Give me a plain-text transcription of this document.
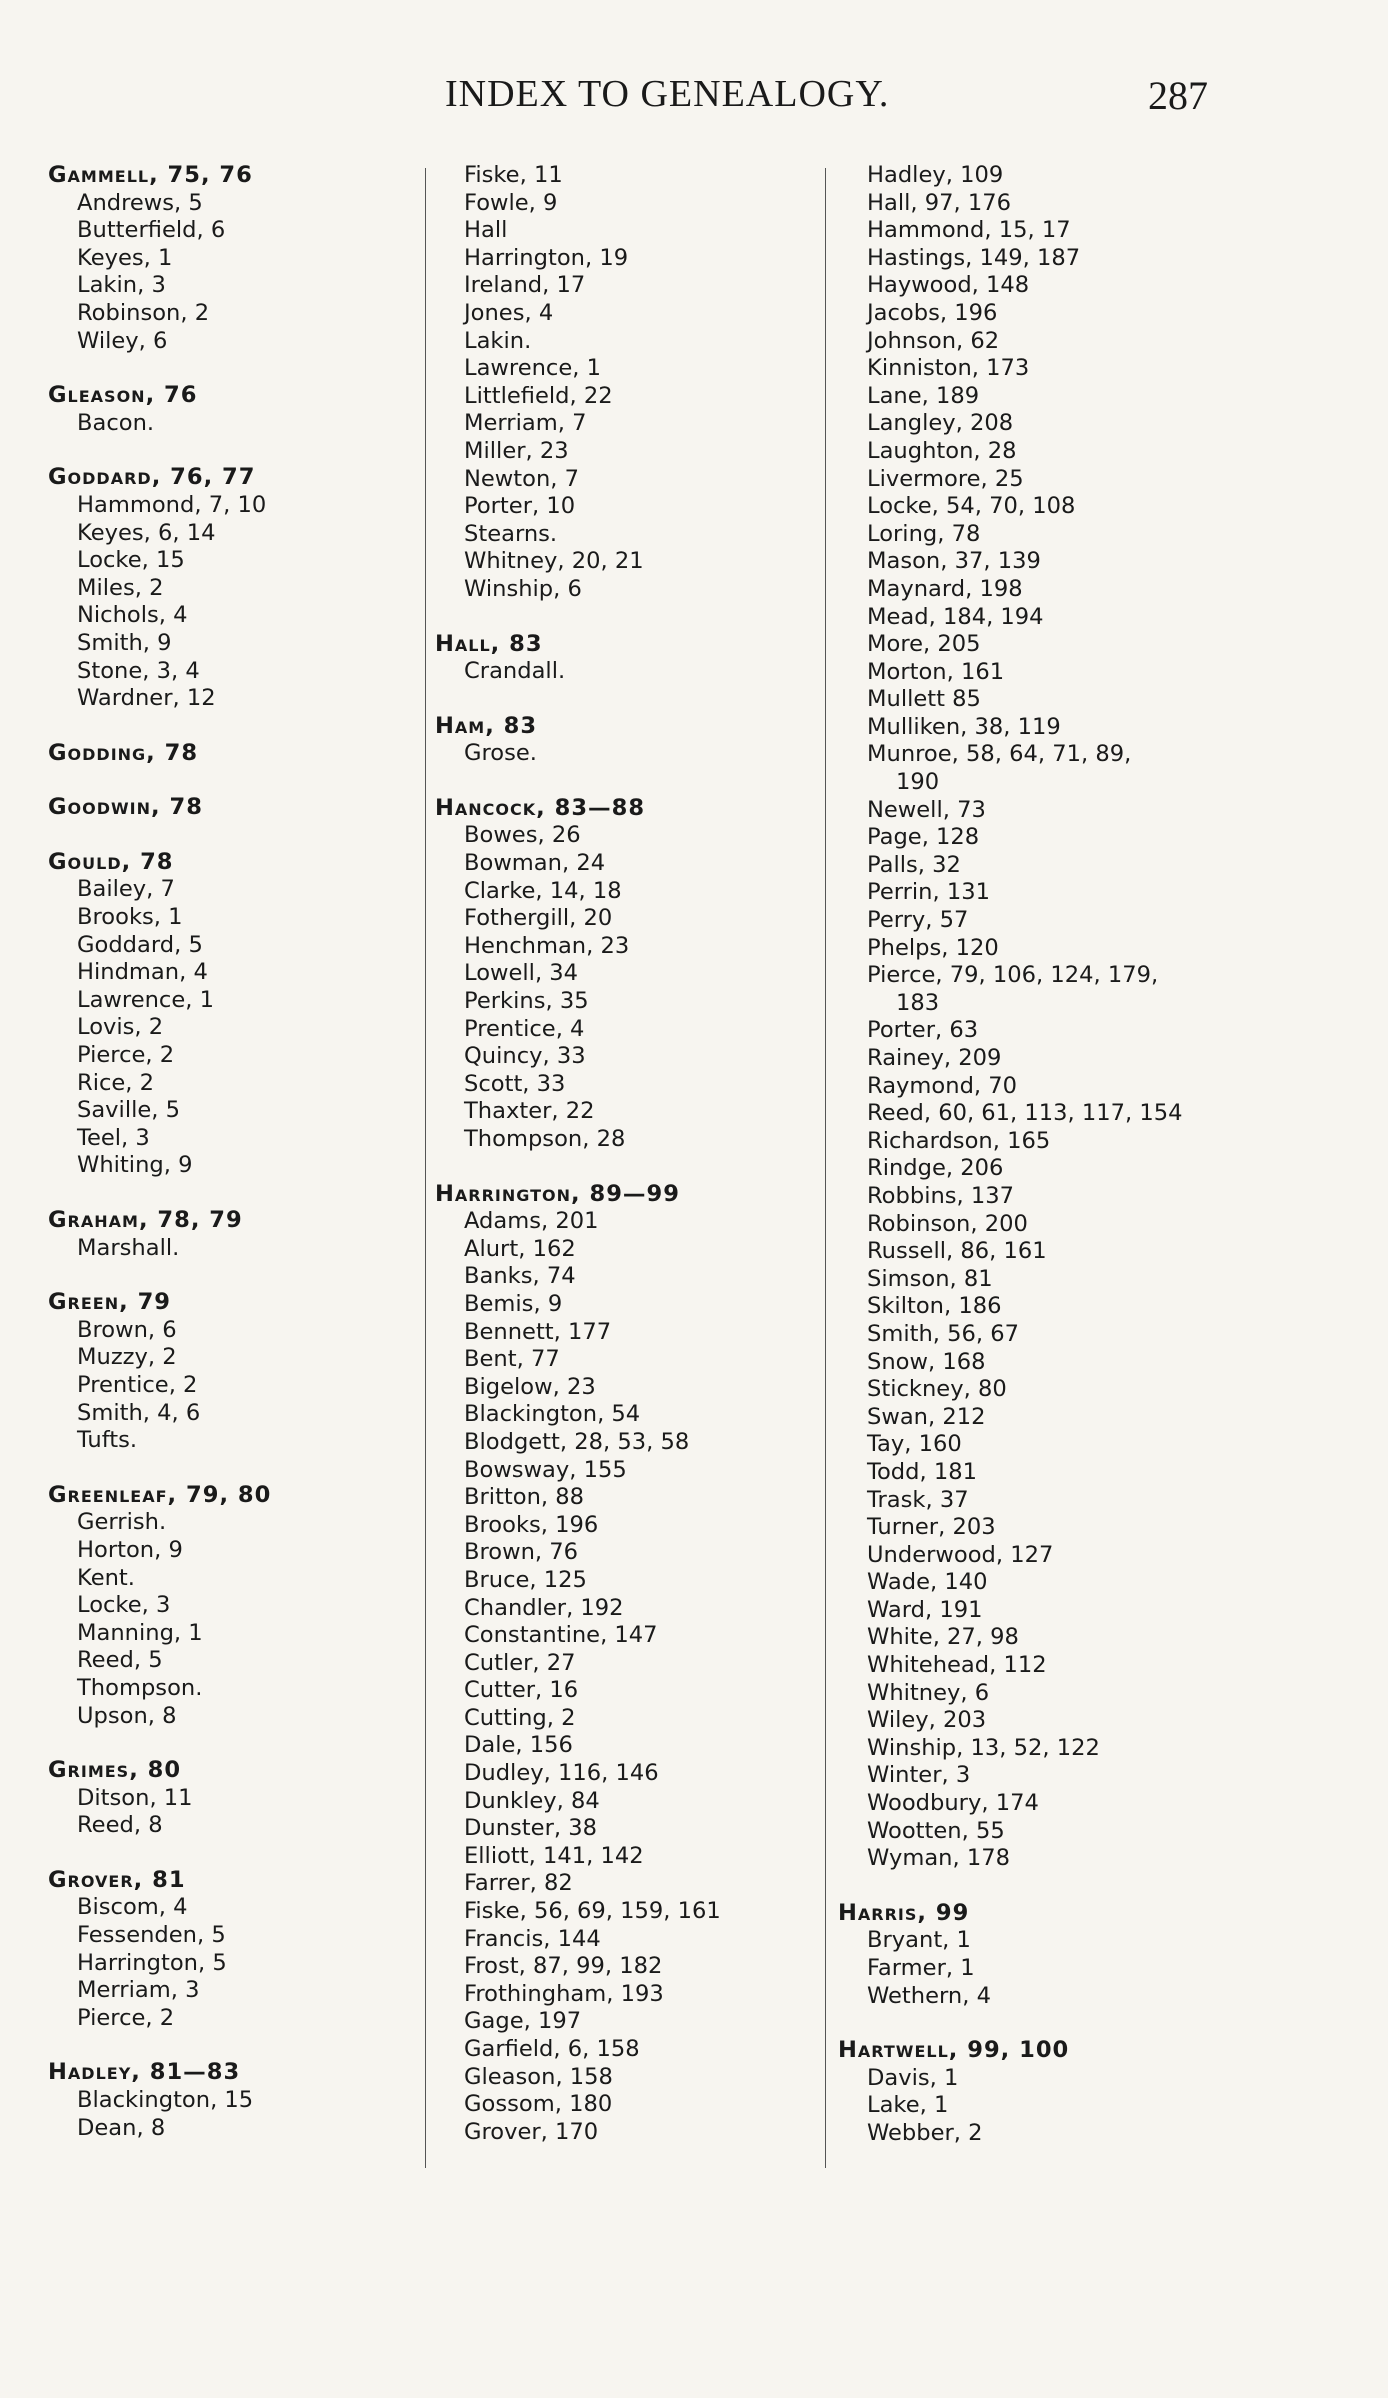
INDEX TO GENEALOGY.	287
Gammell, 75, 76
Andrews, 5
Butterfield, 6
Keyes, 1
Lakin, 3
Robinson, 2
Wiley, 6
Gleason, 76
Bacon.
Goddard, 76, 77
Hammond, 7, 10
Keyes, 6, 14
Locke, 15
Miles, 2
Nichols, 4
Smith, 9
Stone, 3, 4
Wardner, 12
Godding, 78
Goodwin, 78
Gould, 78
Bailey, 7
Brooks, 1
Goddard, 5
Hindman, 4
Lawrence, 1
Lovis, 2
Pierce, 2
Rice, 2
Saville, 5
Teel, 3
Whiting, 9
Graham, 78, 79
Marshall.
Green, 79
Brown, 6
Muzzy, 2
Prentice, 2
Smith, 4, 6
Tufts.
Greenleaf, 79, 80
Gerrish.
Horton, 9
Kent.
Locke, 3
Manning, 1
Reed, 5
Thompson.
Upson, 8
Grimes, 80
Ditson, 11
Reed, 8
Grover, 81
Biscom, 4
Fessenden, 5
Harrington, 5
Merriam, 3
Pierce, 2
Hadley, 81—83
Blackington, 15
Dean, 8
Fiske, 11
Fowle, 9
Hall
Harrington, 19
Ireland, 17
Jones, 4
Lakin.
Lawrence, 1
Littlefield, 22
Merriam, 7
Miller, 23
Newton, 7
Porter, 10
Stearns.
Whitney, 20, 21
Winship, 6
Hall, 83
Crandall.
Ham, 83
Grose.
Hancock, 83—88
Bowes, 26
Bowman, 24
Clarke, 14, 18
Fothergill, 20
Henchman, 23
Lowell, 34
Perkins, 35
Prentice, 4
Quincy, 33
Scott, 33
Thaxter, 22
Thompson, 28
Harrington, 89—99
Adams, 201
Alurt, 162
Banks, 74
Bemis, 9
Bennett, 177
Bent, 77
Bigelow, 23
Blackington, 54
Blodgett, 28, 53, 58
Bowsway, 155
Britton, 88
Brooks, 196
Brown, 76
Bruce, 125
Chandler, 192
Constantine, 147
Cutler, 27
Cutter, 16
Cutting, 2
Dale, 156
Dudley, 116, 146
Dunkley, 84
Dunster, 38
Elliott, 141, 142
Farrer, 82
Fiske, 56, 69, 159, 161
Francis, 144
Frost, 87, 99, 182
Frothingham, 193
Gage, 197
Garfield, 6, 158
Gleason, 158
Gossom, 180
Grover, 170
Hadley, 109
Hall, 97, 176
Hammond, 15, 17
Hastings, 149, 187
Haywood, 148
Jacobs, 196
Johnson, 62
Kinniston, 173
Lane, 189
Langley, 208
Laughton, 28
Livermore, 25
Locke, 54, 70, 108
Loring, 78
Mason, 37, 139
Maynard, 198
Mead, 184, 194
More, 205
Morton, 161
Mullett 85
Mulliken, 38, 119
Munroe, 58, 64, 71, 89,
190
Newell, 73
Page, 128
Palls, 32
Perrin, 131
Perry, 57
Phelps, 120
Pierce, 79, 106, 124, 179,
183
Porter, 63
Rainey, 209
Raymond, 70
Reed, 60, 61, 113, 117, 154
Richardson, 165
Rindge, 206
Robbins, 137
Robinson, 200
Russell, 86, 161
Simson, 81
Skilton, 186
Smith, 56, 67
Snow, 168
Stickney, 80
Swan, 212
Tay, 160
Todd, 181
Trask, 37
Turner, 203
Underwood, 127
Wade, 140
Ward, 191
White, 27, 98
Whitehead, 112
Whitney, 6
Wiley, 203
Winship, 13, 52, 122
Winter, 3
Woodbury, 174
Wootten, 55
Wyman, 178
Harris, 99
Bryant, 1
Farmer, 1
Wethern, 4
Hartwell, 99, 100
Davis, 1
Lake, 1
Webber, 2
